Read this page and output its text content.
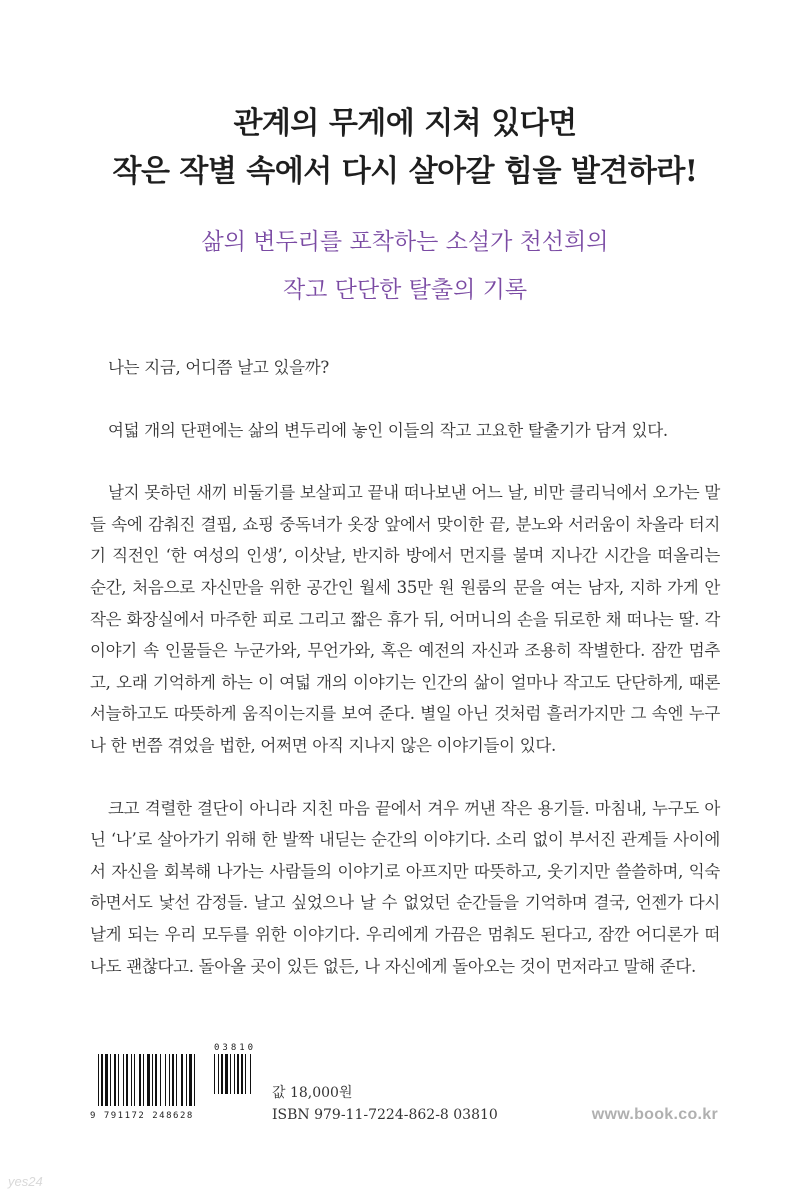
관계의 무게에 지쳐 있다면
작은 작별 속에서 다시 살아갈 힘을 발견하라!
삶의 변두리를 포착하는 소설가 천선희의
작고 단단한 탈출의 기록

나는 지금, 어디쯤 날고 있을까?

여덟 개의 단편에는 삶의 변두리에 놓인 이들의 작고 고요한 탈출기가 담겨 있다.

날지 못하던 새끼 비둘기를 보살피고 끝내 떠나보낸 어느 날, 비만 클리닉에서 오가는 말들 속에 감춰진 결핍, 쇼핑 중독녀가 옷장 앞에서 맞이한 끝, 분노와 서러움이 차올라 터지기 직전인 ‘한 여성의 인생’, 이삿날, 반지하 방에서 먼지를 불며 지나간 시간을 떠올리는 순간, 처음으로 자신만을 위한 공간인 월세 35만 원 원룸의 문을 여는 남자, 지하 가게 안 작은 화장실에서 마주한 피로 그리고 짧은 휴가 뒤, 어머니의 손을 뒤로한 채 떠나는 딸. 각 이야기 속 인물들은 누군가와, 무언가와, 혹은 예전의 자신과 조용히 작별한다. 잠깐 멈추고, 오래 기억하게 하는 이 여덟 개의 이야기는 인간의 삶이 얼마나 작고도 단단하게, 때론 서늘하고도 따뜻하게 움직이는지를 보여 준다. 별일 아닌 것처럼 흘러가지만 그 속엔 누구나 한 번쯤 겪었을 법한, 어쩌면 아직 지나지 않은 이야기들이 있다.

크고 격렬한 결단이 아니라 지친 마음 끝에서 겨우 꺼낸 작은 용기들. 마침내, 누구도 아닌 ‘나’로 살아가기 위해 한 발짝 내딛는 순간의 이야기다. 소리 없이 부서진 관계들 사이에서 자신을 회복해 나가는 사람들의 이야기로 아프지만 따뜻하고, 웃기지만 쓸쓸하며, 익숙하면서도 낯선 감정들. 날고 싶었으나 날 수 없었던 순간들을 기억하며 결국, 언젠가 다시 날게 되는 우리 모두를 위한 이야기다. 우리에게 가끔은 멈춰도 된다고, 잠깐 어디론가 떠나도 괜찮다고. 돌아올 곳이 있든 없든, 나 자신에게 돌아오는 것이 먼저라고 말해 준다.

03810
9 791172 248628
값 18,000원
ISBN 979-11-7224-862-8 03810	www.book.co.kr
yes24
